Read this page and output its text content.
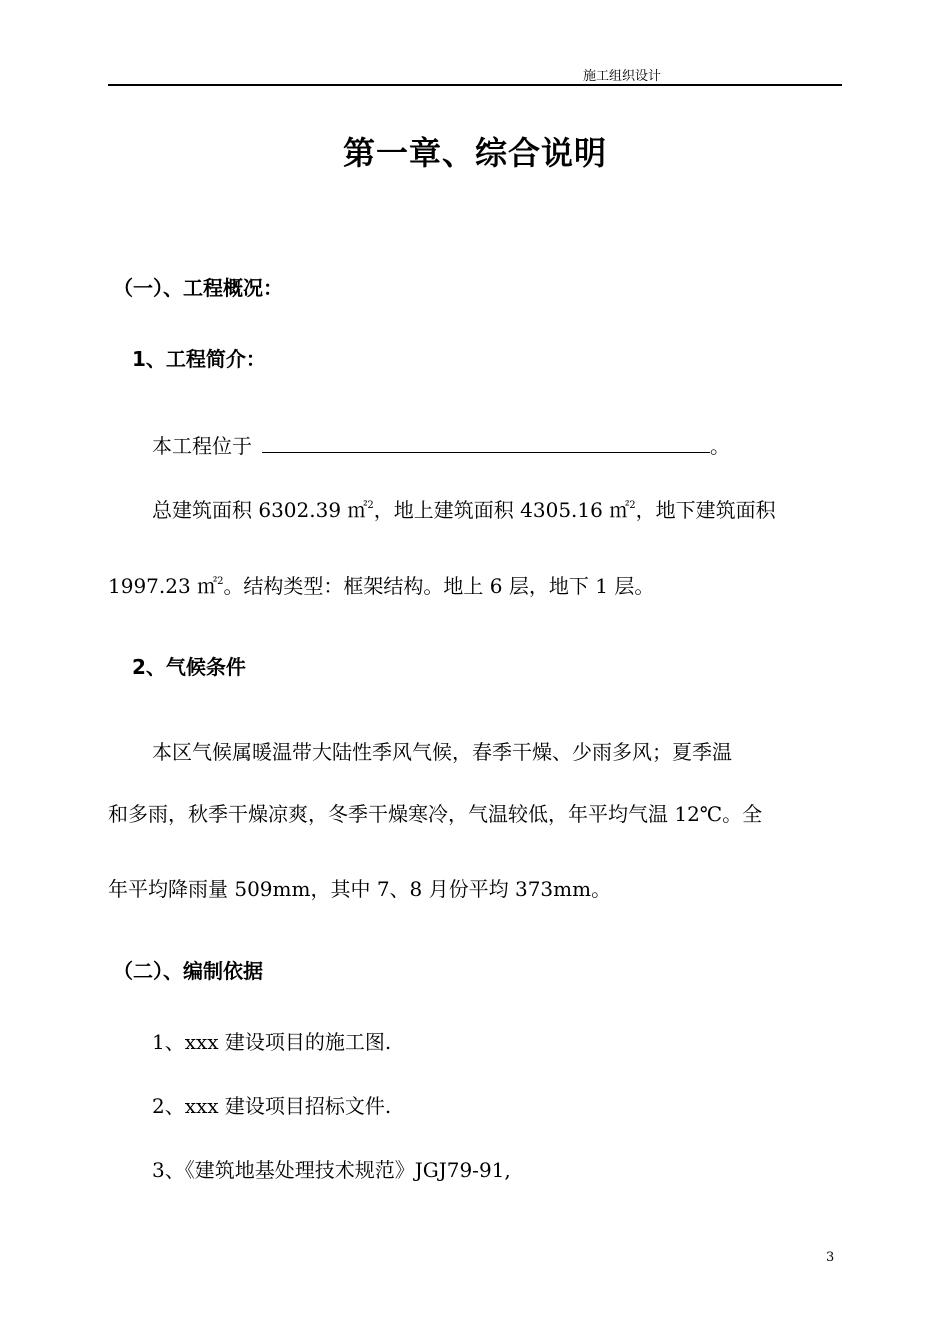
施工组织设计
第一章、综合说明
（一）、工程概况：
1、工程简介：
本工程位于	。
总建筑面积 6302.39 ㎡$^2$，地上建筑面积 4305.16 ㎡$^2$，地下建筑面积
1997.23 ㎡$^2$。结构类型：框架结构。地上 6 层，地下 1 层。
2、气候条件
本区气候属暖温带大陆性季风气候，春季干燥、少雨多风；夏季温
和多雨，秋季干燥凉爽，冬季干燥寒冷，气温较低，年平均气温 12℃。全
年平均降雨量 509mm，其中 7、8 月份平均 373mm。
（二）、编制依据
1、xxx 建设项目的施工图.
2、xxx 建设项目招标文件.
3、《建筑地基处理技术规范》JGJ79-91,
3
